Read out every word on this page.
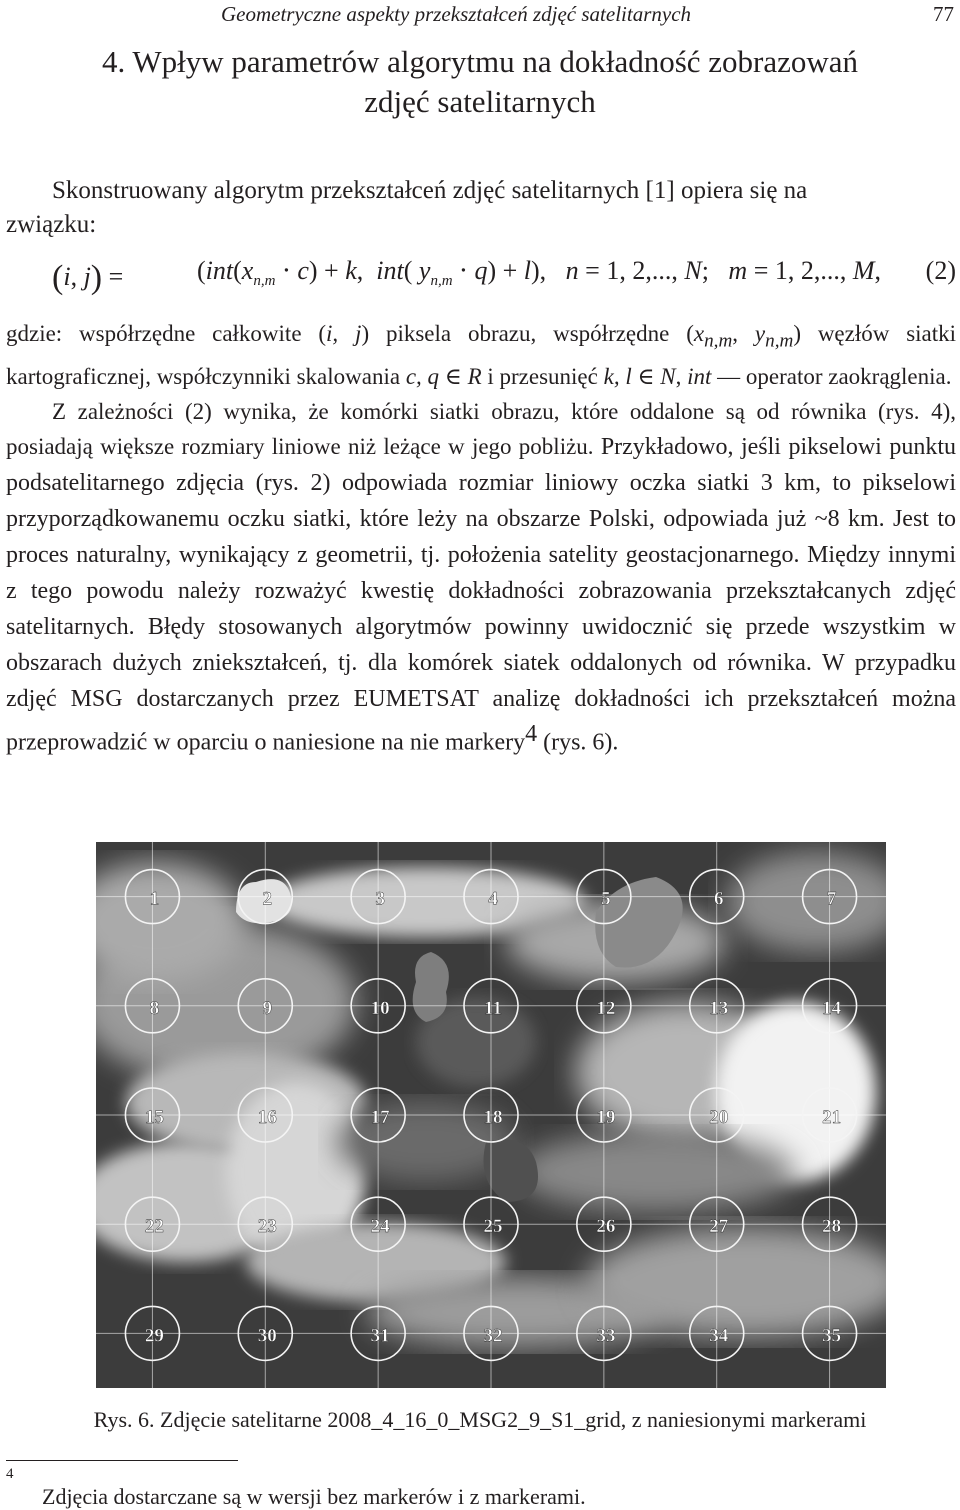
Geometryczne aspekty przekształceń zdjęć satelitarnych	77
4. Wpływ parametrów algorytmu na dokładność zobrazowań
zdjęć satelitarnych

Skonstruowany algorytm przekształceń zdjęć satelitarnych [1] opiera się na
związku:

(i, j) =	($int(x_{n,m} \cdot c) + k$,  int( $y_{n,m} \cdot q) + l$),   n = 1, 2,..., N;   m = 1, 2,..., M, (2)

gdzie: współrzędne całkowite (i, j) piksela obrazu, współrzędne ($x_{n,m}$, $y_{n,m}$) węzłów siatki kartograficznej, współczynniki skalowania c, q ∈ R i przesunięć k, l ∈ N, int — operator zaokrąglenia.

Z zależności (2) wynika, że komórki siatki obrazu, które oddalone są od równika (rys. 4), posiadają większe rozmiary liniowe niż leżące w jego pobliżu. Przykładowo, jeśli pikselowi punktu podsatelitarnego zdjęcia (rys. 2) odpowiada rozmiar liniowy oczka siatki 3 km, to pikselowi przyporządkowanemu oczku siatki, które leży na obszarze Polski, odpowiada już ~8 km. Jest to proces naturalny, wynikający z geometrii, tj. położenia satelity geostacjonarnego. Między innymi z tego powodu należy rozważyć kwestię dokładności zobrazowania przekształcanych zdjęć satelitarnych. Błędy stosowanych algorytmów powinny uwidocznić się przede wszystkim w obszarach dużych zniekształceń, tj. dla komórek siatek oddalonych od równika. W przypadku zdjęć MSG dostarczanych przez EUMETSAT analizę dokładności ich przekształceń można przeprowadzić w oparciu o naniesione na nie markery$^4$ (rys. 6).

1	2	3	4	5	6	7
8	9	10	11	12	13	14
15	16	17	18	19	20	21
22	23	24	25	26	27	28
29	30	31	32	33	34	35
Rys. 6. Zdjęcie satelitarne 2008_4_16_0_MSG2_9_S1_grid, z naniesionymi markerami
4
Zdjęcia dostarczane są w wersji bez markerów i z markerami.
